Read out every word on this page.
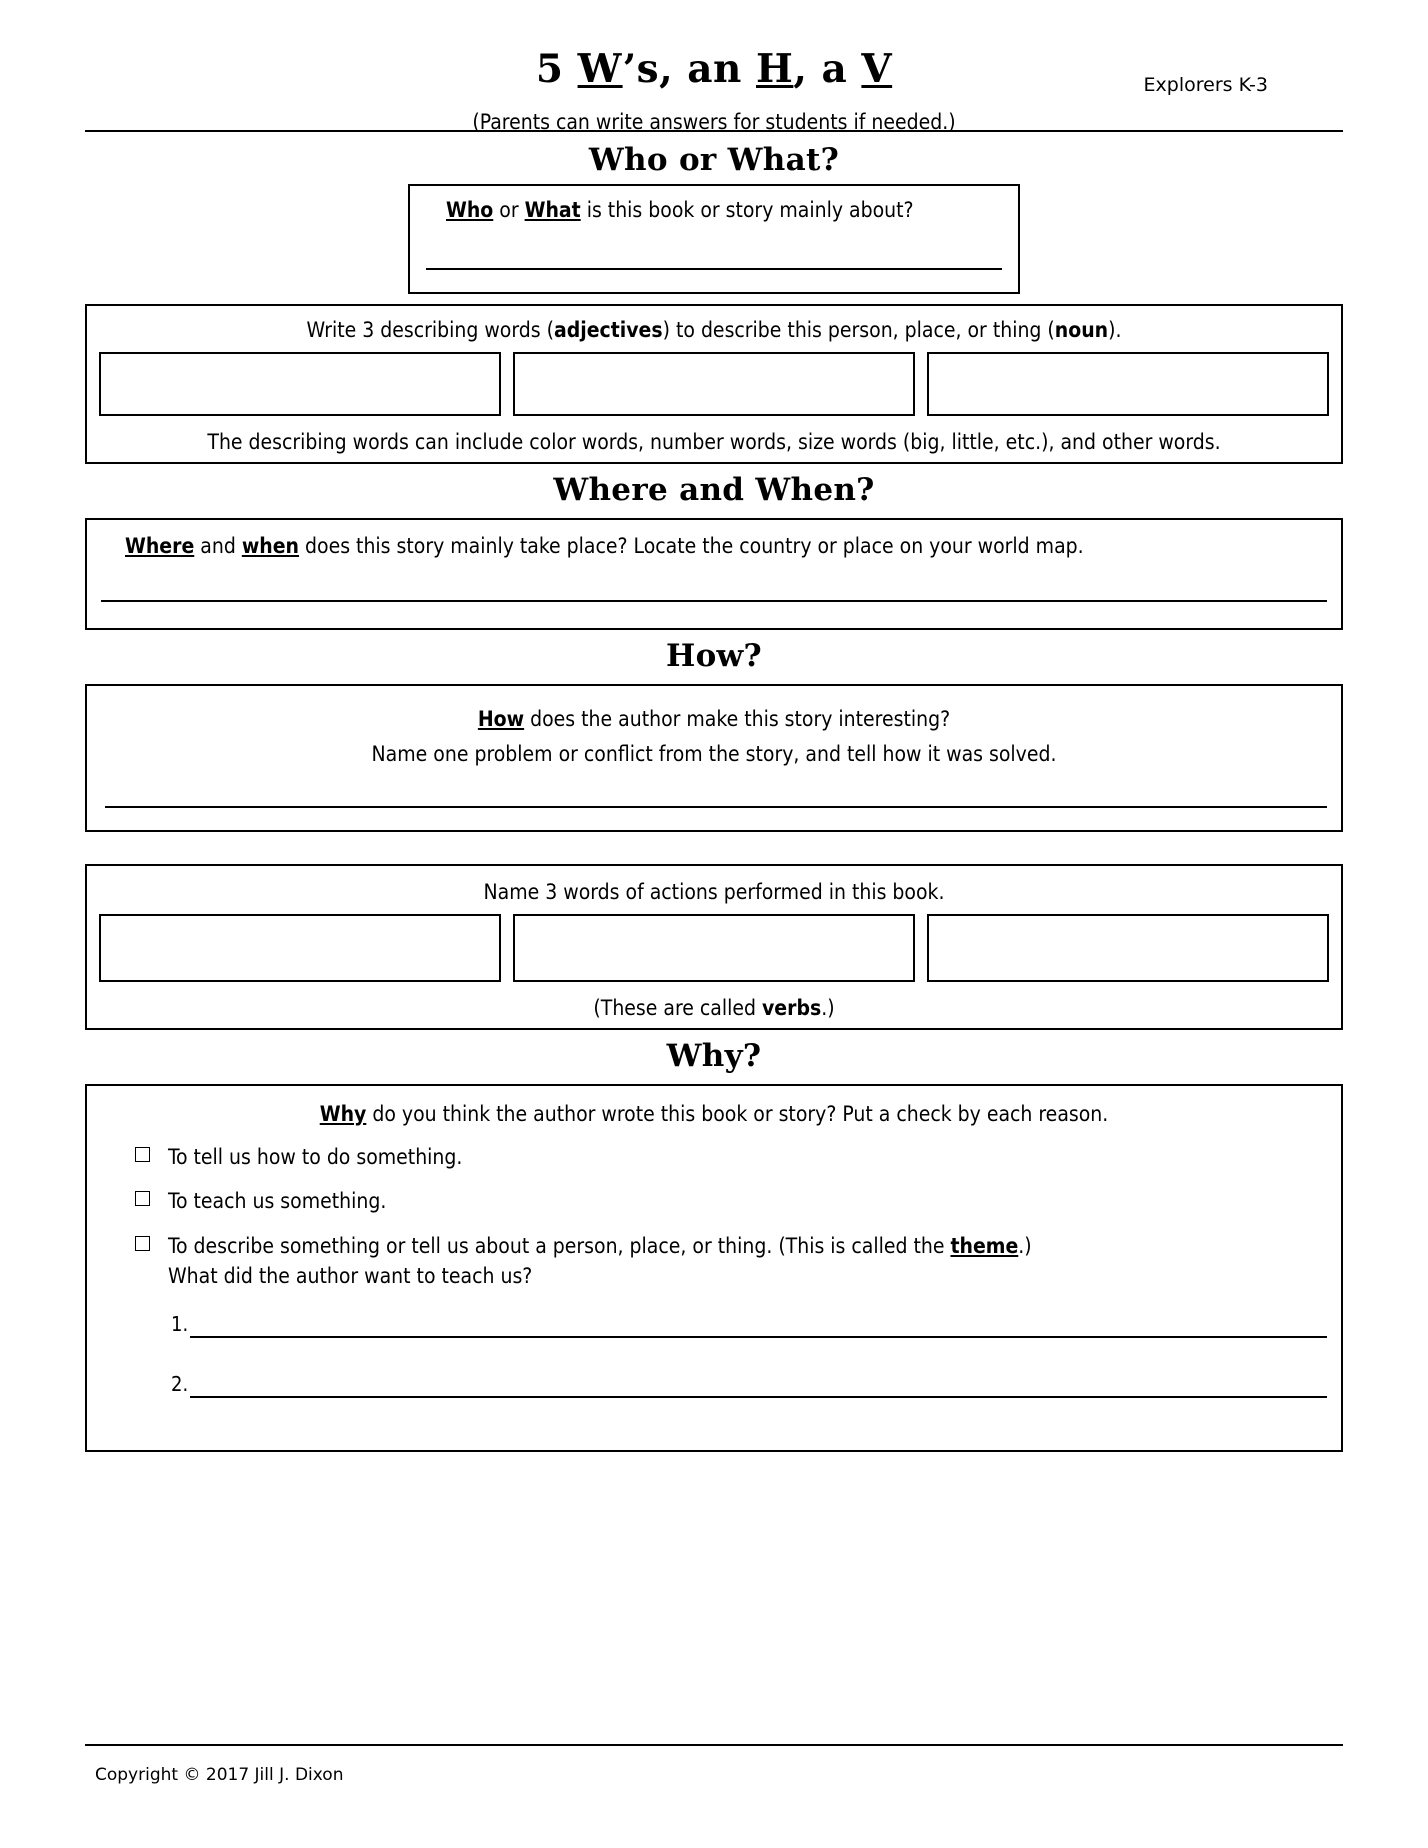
5 W’s, an H, a V	Explorers K-3
(Parents can write answers for students if needed.)
Who or What?
Who or What is this book or story mainly about?
Write 3 describing words (adjectives) to describe this person, place, or thing (noun).
The describing words can include color words, number words, size words (big, little, etc.), and other words.
Where and When?
Where and when does this story mainly take place? Locate the country or place on your world map.
How?
How does the author make this story interesting?
Name one problem or conflict from the story, and tell how it was solved.
Name 3 words of actions performed in this book.
(These are called verbs.)
Why?
Why do you think the author wrote this book or story? Put a check by each reason.
To tell us how to do something.
To teach us something.
To describe something or tell us about a person, place, or thing. (This is called the theme.)
What did the author want to teach us?
1.
2.
Copyright © 2017 Jill J. Dixon
